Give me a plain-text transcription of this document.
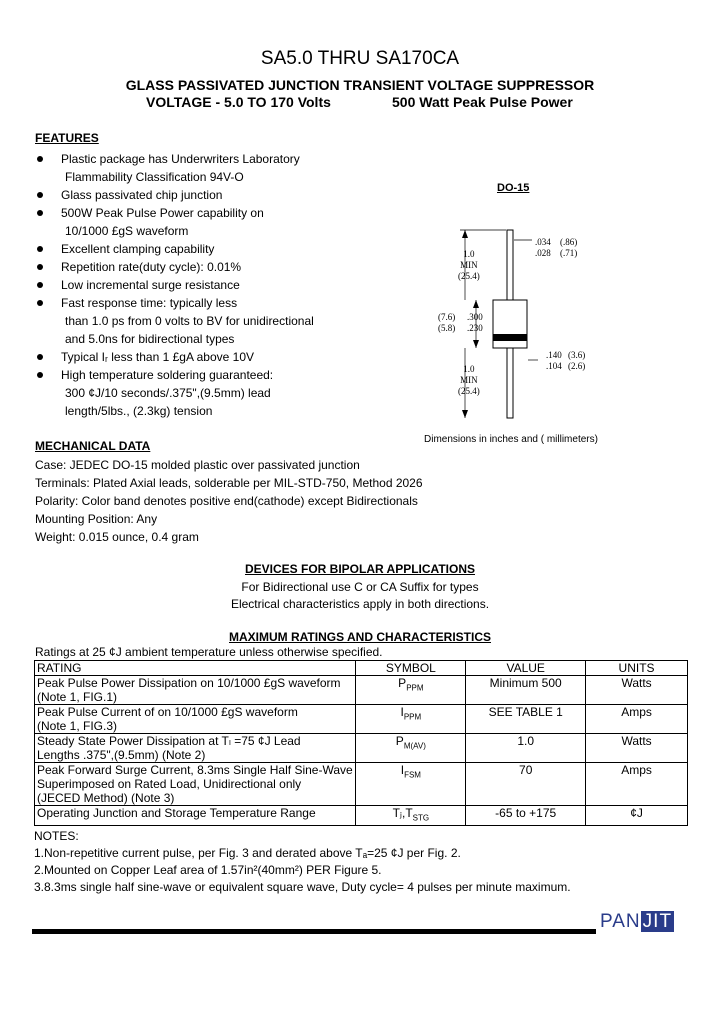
SA5.0 THRU SA170CA
GLASS PASSIVATED JUNCTION TRANSIENT VOLTAGE SUPPRESSOR
VOLTAGE - 5.0 TO 170 Volts	500 Watt Peak Pulse Power
FEATURES
Plastic package has Underwriters Laboratory
Flammability Classification 94V-O
Glass passivated chip junction
500W Peak Pulse Power capability on
10/1000 £gS waveform
Excellent clamping capability
Repetition rate(duty cycle): 0.01%
Low incremental surge resistance
Fast response time: typically less
than 1.0 ps from 0 volts to BV for unidirectional
and 5.0ns for bidirectional types
Typical Iᵣ less than 1 £gA above 10V
High temperature soldering guaranteed:
300 ¢J/10 seconds/.375",(9.5mm) lead
length/5lbs., (2.3kg) tension
DO-15
.034
.028
(.86)
(.71)
1.0
MIN
(25.4)
(7.6)
(5.8)
.300
.230
.140
.104
(3.6)
(2.6)
1.0
MIN
(25.4)
Dimensions in inches and ( millimeters)
MECHANICAL DATA
Case: JEDEC DO-15 molded plastic over passivated junction
Terminals: Plated Axial leads, solderable per MIL-STD-750, Method 2026
Polarity: Color band denotes positive end(cathode) except Bidirectionals
Mounting Position: Any
Weight: 0.015 ounce, 0.4 gram
DEVICES FOR BIPOLAR APPLICATIONS
For Bidirectional use C or CA Suffix for types
Electrical characteristics apply in both directions.
MAXIMUM RATINGS AND CHARACTERISTICS
Ratings at 25 ¢J ambient temperature unless otherwise specified.
RATING	SYMBOL	VALUE	UNITS
Peak Pulse Power Dissipation on 10/1000 £gS waveform
(Note 1, FIG.1)	$P_{PPM}$	Minimum 500	Watts
Peak Pulse Current of on 10/1000 £gS waveform
(Note 1, FIG.3)	$I_{PPM}$	SEE TABLE 1	Amps
Steady State Power Dissipation at Tₗ =75 ¢J Lead
Lengths .375",(9.5mm) (Note 2)	$P_{M(AV)}$	1.0	Watts
Peak Forward Surge Current, 8.3ms Single Half Sine-Wave
Superimposed on Rated Load, Unidirectional only
(JECED Method) (Note 3)	$I_{FSM}$	70	Amps
Operating Junction and Storage Temperature Range	$Tⱼ,T_{STG}$	-65 to +175	¢J
NOTES:
1.Non-repetitive current pulse, per Fig. 3 and derated above Tₐ=25 ¢J per Fig. 2.
2.Mounted on Copper Leaf area of 1.57in²(40mm²) PER Figure 5.
3.8.3ms single half sine-wave or equivalent square wave, Duty cycle= 4 pulses per minute maximum.
PAN JIT
